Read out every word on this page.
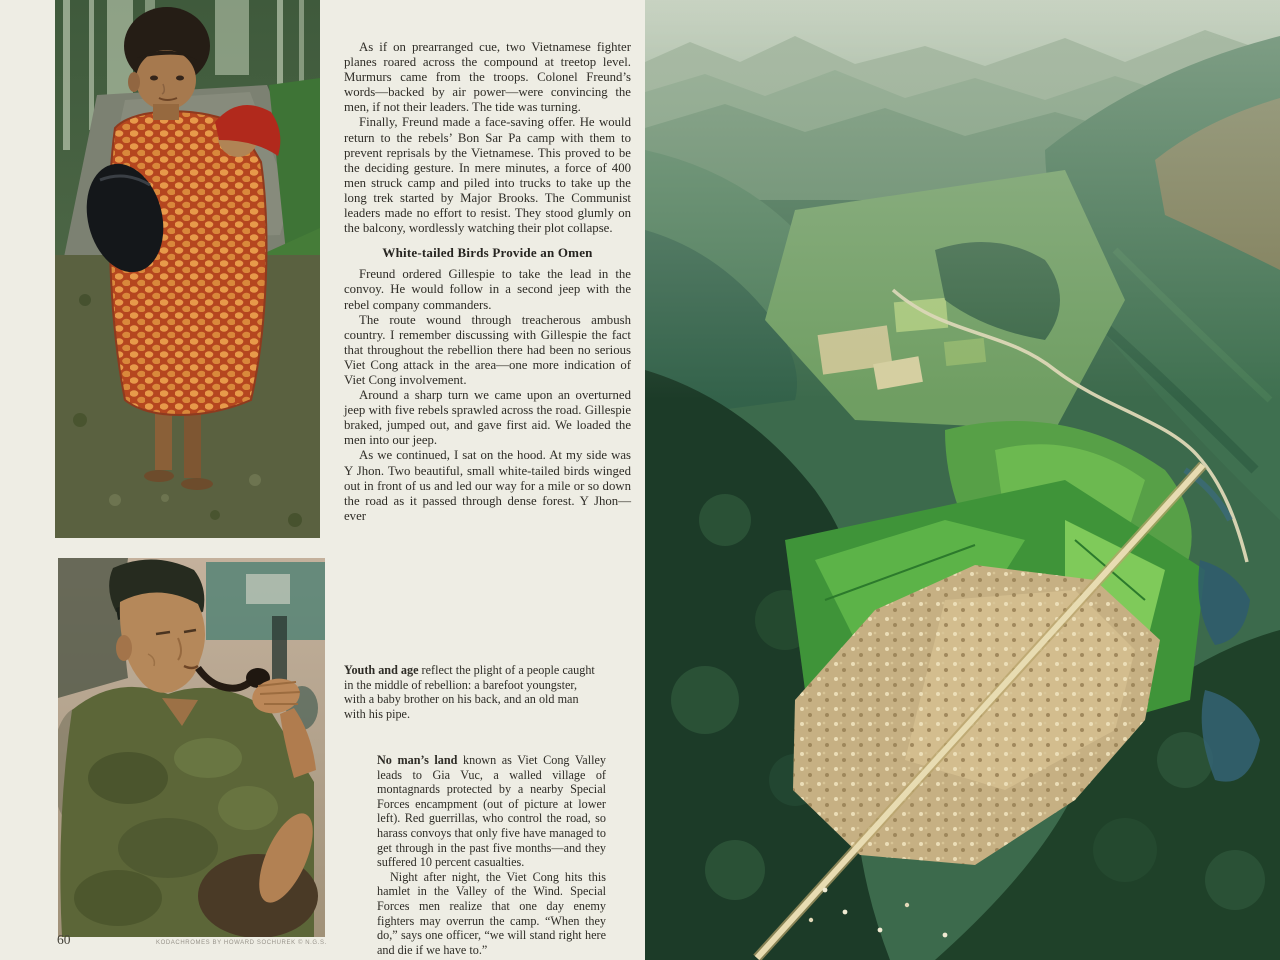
As if on prearranged cue, two Vietnamese fighter planes roared across the compound at treetop level. Murmurs came from the troops. Colonel Freund’s words—backed by air power—were convincing the men, if not their leaders. The tide was turning.

Finally, Freund made a face-saving offer. He would return to the rebels’ Bon Sar Pa camp with them to prevent reprisals by the Vietnamese. This proved to be the deciding gesture. In mere minutes, a force of 400 men struck camp and piled into trucks to take up the long trek started by Major Brooks. The Communist leaders made no effort to resist. They stood glumly on the balcony, wordlessly watching their plot collapse.

White-tailed Birds Provide an Omen

Freund ordered Gillespie to take the lead in the convoy. He would follow in a second jeep with the rebel company commanders.

The route wound through treacherous ambush country. I remember discussing with Gillespie the fact that throughout the rebellion there had been no serious Viet Cong attack in the area—one more indication of Viet Cong involvement.

Around a sharp turn we came upon an overturned jeep with five rebels sprawled across the road. Gillespie braked, jumped out, and gave first aid. We loaded the men into our jeep.

As we continued, I sat on the hood. At my side was Y Jhon. Two beautiful, small white-tailed birds winged out in front of us and led our way for a mile or so down the road as it passed through dense forest. Y Jhon—ever

Youth and age reflect the plight of a people caught in the middle of rebellion: a barefoot youngster, with a baby brother on his back, and an old man with his pipe.

No man’s land known as Viet Cong Valley leads to Gia Vuc, a walled village of montagnards protected by a nearby Special Forces encampment (out of picture at lower left). Red guerrillas, who control the road, so harass convoys that only five have managed to get through in the past five months—and they suffered 10 percent casualties.

Night after night, the Viet Cong hits this hamlet in the Valley of the Wind. Special Forces men realize that one day enemy fighters may overrun the camp. “When they do,” says one officer, “we will stand right here and die if we have to.”

60	KODACHROMES BY HOWARD SOCHUREK © N.G.S.
